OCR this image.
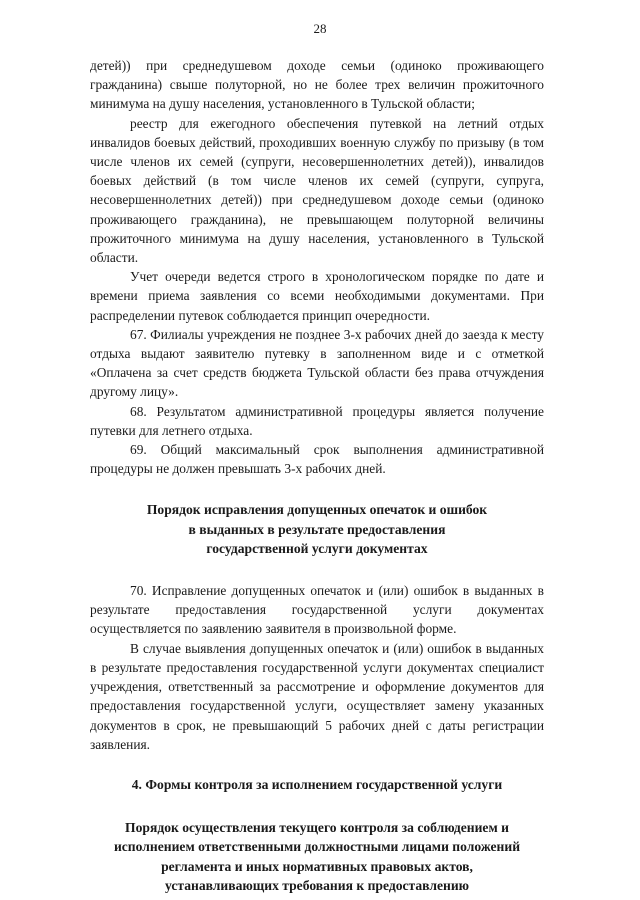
28

детей)) при среднедушевом доходе семьи (одиноко проживающего гражданина) свыше полуторной, но не более трех величин прожиточного минимума на душу населения, установленного в Тульской области;

реестр для ежегодного обеспечения путевкой на летний отдых инвалидов боевых действий, проходивших военную службу по призыву (в том числе членов их семей (супруги, несовершеннолетних детей)), инвалидов боевых действий (в том числе членов их семей (супруги, супруга, несовершеннолетних детей)) при среднедушевом доходе семьи (одиноко проживающего гражданина), не превышающем полуторной величины прожиточного минимума на душу населения, установленного в Тульской области.

Учет очереди ведется строго в хронологическом порядке по дате и времени приема заявления со всеми необходимыми документами. При распределении путевок соблюдается принцип очередности.

67. Филиалы учреждения не позднее 3-х рабочих дней до заезда к месту отдыха выдают заявителю путевку в заполненном виде и с отметкой «Оплачена за счет средств бюджета Тульской области без права отчуждения другому лицу».

68. Результатом административной процедуры является получение путевки для летнего отдыха.

69. Общий максимальный срок выполнения административной процедуры не должен превышать 3-х рабочих дней.

Порядок исправления допущенных опечаток и ошибок
в выданных в результате предоставления
государственной услуги документах

70. Исправление допущенных опечаток и (или) ошибок в выданных в результате предоставления государственной услуги документах осуществляется по заявлению заявителя в произвольной форме.

В случае выявления допущенных опечаток и (или) ошибок в выданных в результате предоставления государственной услуги документах специалист учреждения, ответственный за рассмотрение и оформление документов для предоставления государственной услуги, осуществляет замену указанных документов в срок, не превышающий 5 рабочих дней с даты регистрации заявления.

4. Формы контроля за исполнением государственной услуги
Порядок осуществления текущего контроля за соблюдением и
исполнением ответственными должностными лицами положений
регламента и иных нормативных правовых актов,
устанавливающих требования к предоставлению
